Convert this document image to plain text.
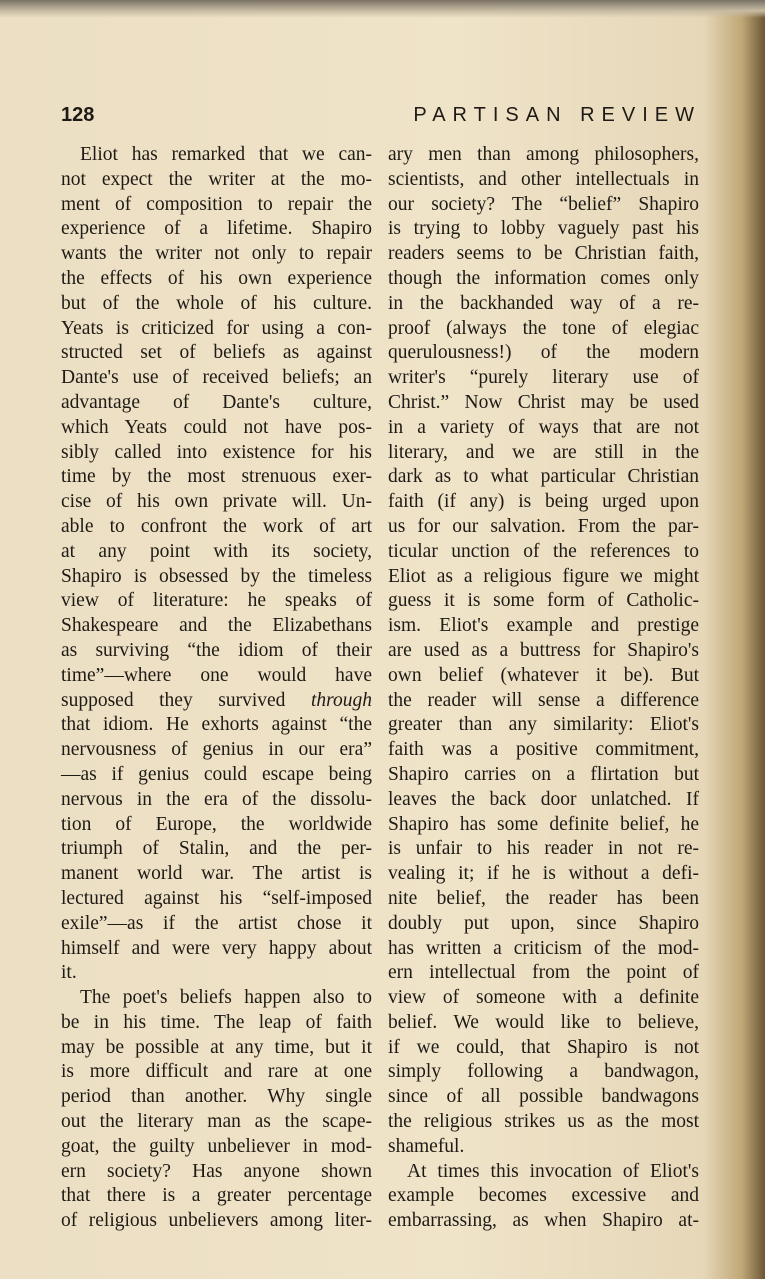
128	PARTISAN REVIEW
Eliot has remarked that we can-
not expect the writer at the mo-
ment of composition to repair the
experience of a lifetime. Shapiro
wants the writer not only to repair
the effects of his own experience
but of the whole of his culture.
Yeats is criticized for using a con-
structed set of beliefs as against
Dante's use of received beliefs; an
advantage of Dante's culture,
which Yeats could not have pos-
sibly called into existence for his
time by the most strenuous exer-
cise of his own private will. Un-
able to confront the work of art
at any point with its society,
Shapiro is obsessed by the timeless
view of literature: he speaks of
Shakespeare and the Elizabethans
as surviving “the idiom of their
time”—where one would have
supposed they survived through
that idiom. He exhorts against “the
nervousness of genius in our era”
—as if genius could escape being
nervous in the era of the dissolu-
tion of Europe, the worldwide
triumph of Stalin, and the per-
manent world war. The artist is
lectured against his “self-imposed
exile”—as if the artist chose it
himself and were very happy about
it.
The poet's beliefs happen also to
be in his time. The leap of faith
may be possible at any time, but it
is more difficult and rare at one
period than another. Why single
out the literary man as the scape-
goat, the guilty unbeliever in mod-
ern society? Has anyone shown
that there is a greater percentage
of religious unbelievers among liter-
ary men than among philosophers,
scientists, and other intellectuals in
our society? The “belief” Shapiro
is trying to lobby vaguely past his
readers seems to be Christian faith,
though the information comes only
in the backhanded way of a re-
proof (always the tone of elegiac
querulousness!) of the modern
writer's “purely literary use of
Christ.” Now Christ may be used
in a variety of ways that are not
literary, and we are still in the
dark as to what particular Christian
faith (if any) is being urged upon
us for our salvation. From the par-
ticular unction of the references to
Eliot as a religious figure we might
guess it is some form of Catholic-
ism. Eliot's example and prestige
are used as a buttress for Shapiro's
own belief (whatever it be). But
the reader will sense a difference
greater than any similarity: Eliot's
faith was a positive commitment,
Shapiro carries on a flirtation but
leaves the back door unlatched. If
Shapiro has some definite belief, he
is unfair to his reader in not re-
vealing it; if he is without a defi-
nite belief, the reader has been
doubly put upon, since Shapiro
has written a criticism of the mod-
ern intellectual from the point of
view of someone with a definite
belief. We would like to believe,
if we could, that Shapiro is not
simply following a bandwagon,
since of all possible bandwagons
the religious strikes us as the most
shameful.
At times this invocation of Eliot's
example becomes excessive and
embarrassing, as when Shapiro at-
